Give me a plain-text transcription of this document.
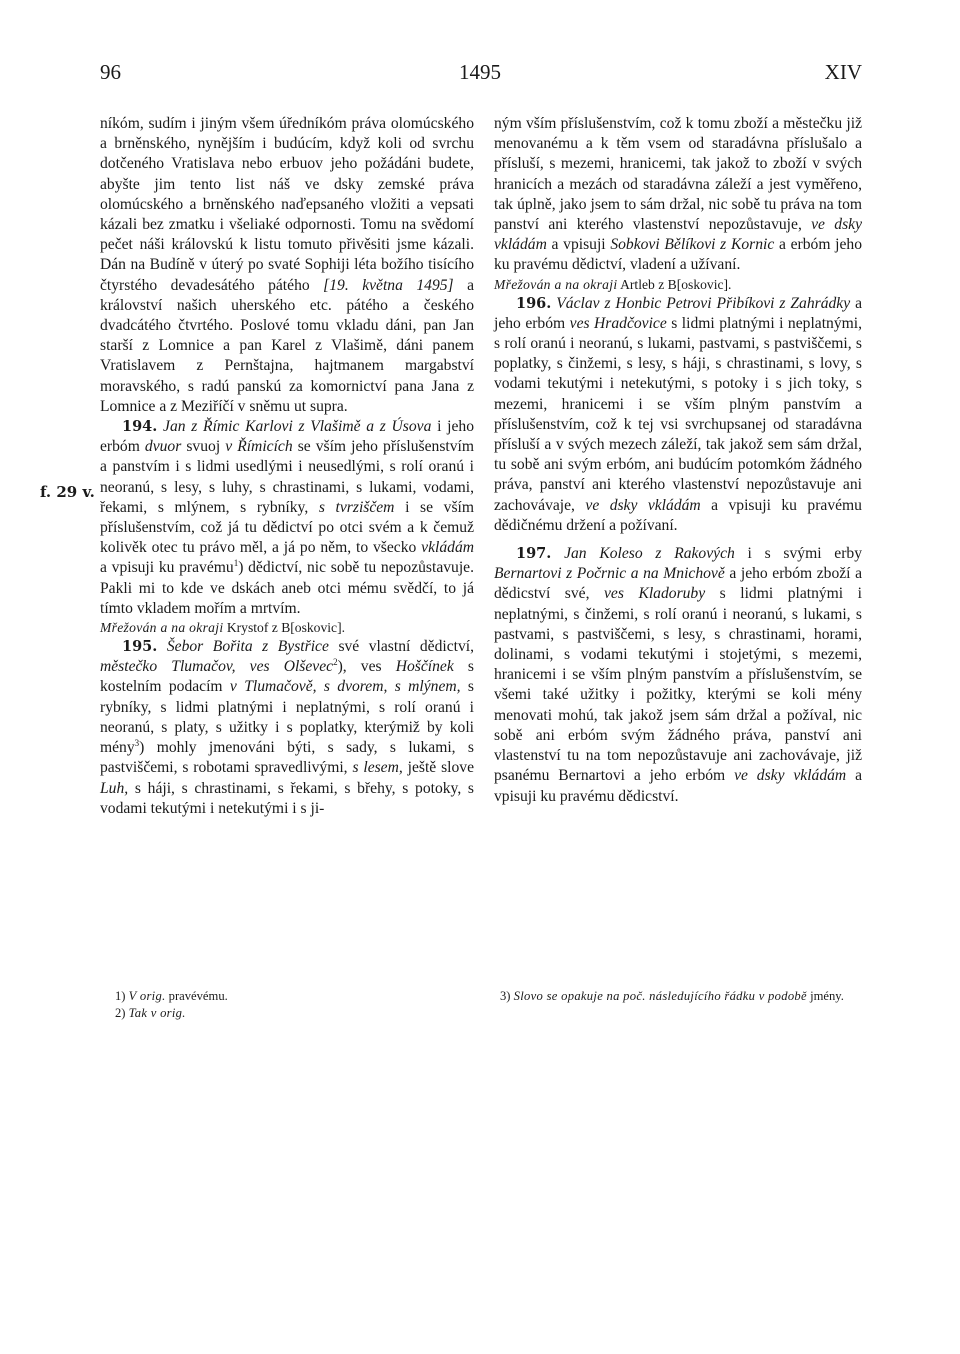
96	1495	XIV
f. 29 v.

níkóm, sudím i jiným všem úředníkóm práva olomúcského a brněnského, nynějším i budúcím, když koli od svrchu dotčeného Vratislava nebo erbuov jeho požádáni budete, abyšte jim tento list náš ve dsky zemské práva olomúcského a brněnského naďepsaného vložiti a vepsati kázali bez zmatku i všeliaké odpornosti. Tomu na svědomí pečet náši královskú k listu tomuto přivěsiti jsme kázali. Dán na Budíně v úterý po svaté Sophiji léta božího tisícího čtyrstého devadesátého pátého [19. května 1495] a království našich uherského etc. pátého a českého dvadcátého čtvrtého. Poslové tomu vkladu dáni, pan Jan starší z Lomnice a pan Karel z Vlašimě, dáni panem Vratislavem z Pernštajna, hajtmanem margabství moravského, s radú panskú za komornictví pana Jana z Lomnice a z Meziříčí v sněmu ut supra.

194. Jan z Římic Karlovi z Vlašimě a z Úsova i jeho erbóm dvuor svuoj v Římicích se vším jeho příslušenstvím a panstvím i s lidmi usedlými i neusedlými, s rolí oranú i neoranú, s lesy, s luhy, s chrastinami, s lukami, vodami, řekami, s mlýnem, s rybníky, s tvrziščem i se vším příslušenstvím, což já tu dědictví po otci svém a k čemuž kolivěk otec tu právo měl, a já po něm, to všecko vkládám a vpisuji ku pravému$^1$) dědictví, nic sobě tu nepozůstavuje. Pakli mi to kde ve dskách aneb otci mému svědčí, to já tímto vkladem mořím a mrtvím.

Mřežován a na okraji Krystof z B[oskovic].

195. Šebor Bořita z Bystřice své vlastní dědictví, městečko Tlumačov, ves Olševec$^2$), ves Hoščínek s kostelním podacím v Tlumačově, s dvorem, s mlýnem, s rybníky, s lidmi platnými i neplatnými, s rolí oranú i neoranú, s platy, s užitky i s poplatky, kterýmiž by koli mény$^3$) mohly jmenováni býti, s sady, s lukami, s pastviščemi, s robotami spravedlivými, s lesem, ještě slove Luh, s háji, s chrastinami, s řekami, s břehy, s potoky, s vodami tekutými i netekutými i s ji-

ným vším příslušenstvím, což k tomu zboží a městečku již menovanému a k těm vsem od staradávna příslušalo a přísluší, s mezemi, hranicemi, tak jakož to zboží v svých hranicích a mezách od staradávna záleží a jest vyměřeno, tak úplně, jako jsem to sám držal, nic sobě tu práva na tom panství ani kterého vlastenství nepozůstavuje, ve dsky vkládám a vpisuji Sobkovi Bělíkovi z Kornic a erbóm jeho ku pravému dědictví, vladení a užívaní.

Mřežován a na okraji Artleb z B[oskovic].

196. Václav z Honbic Petrovi Přibíkovi z Zahrádky a jeho erbóm ves Hradčovice s lidmi platnými i neplatnými, s rolí oranú i neoranú, s lukami, pastvami, s pastviščemi, s poplatky, s činžemi, s lesy, s háji, s chrastinami, s lovy, s vodami tekutými i netekutými, s potoky i s jich toky, s mezemi, hranicemi i se vším plným panstvím a příslušenstvím, což k tej vsi svrchupsanej od staradávna přísluší a v svých mezech záleží, tak jakož sem sám držal, tu sobě ani svým erbóm, ani budúcím potomkóm žádného práva, panství ani kterého vlastenství nepozůstavuje ani zachovávaje, ve dsky vkládám a vpisuji ku pravému dědičnému držení a požívaní.

197. Jan Koleso z Rakových i s svými erby Bernartovi z Počrnic a na Mnichově a jeho erbóm zboží a dědicství své, ves Kladoruby s lidmi platnými i neplatnými, s činžemi, s rolí oranú i neoranú, s lukami, s pastvami, s pastviščemi, s lesy, s chrastinami, horami, dolinami, s vodami tekutými i stojetými, s mezemi, hranicemi i se vším plným panstvím a příslušenstvím, se všemi také užitky i požitky, kterými se koli mény menovati mohú, tak jakož jsem sám držal a požíval, nic sobě ani erbóm svým žádného práva, panství ani vlastenství tu na tom nepozůstavuje ani zachovávaje, již psanému Bernartovi a jeho erbóm ve dsky vkládám a vpisuji ku pravému dědicství.

1) V orig. pravévému.

2) Tak v orig.

3) Slovo se opakuje na poč. následujícího řádku v podobě jmény.
